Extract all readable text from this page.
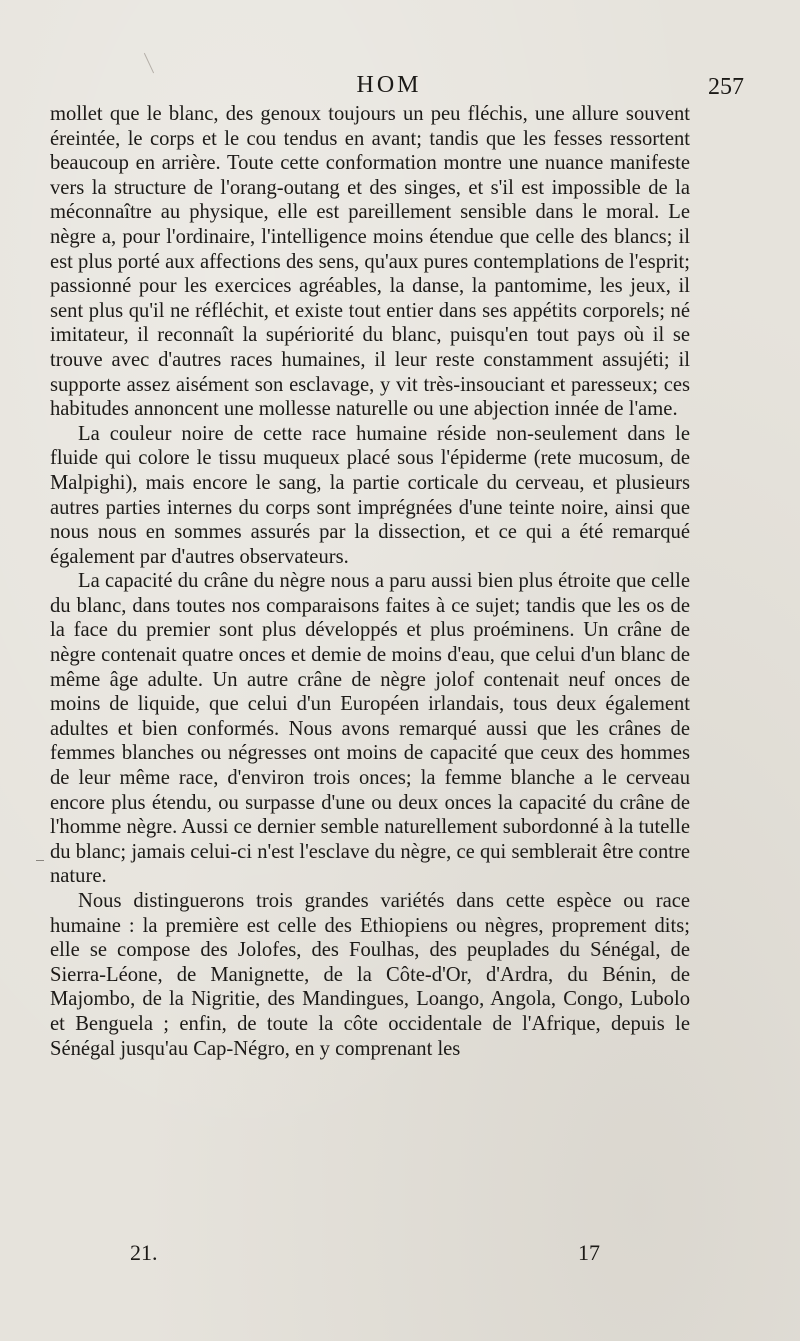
HOM	257

mollet que le blanc, des genoux toujours un peu fléchis, une allure souvent éreintée, le corps et le cou tendus en avant; tandis que les fesses ressortent beaucoup en arrière. Toute cette conformation montre une nuance manifeste vers la structure de l'orang-outang et des singes, et s'il est impossible de la méconnaître au physique, elle est pareillement sensible dans le moral. Le nègre a, pour l'ordinaire, l'intelligence moins étendue que celle des blancs; il est plus porté aux affections des sens, qu'aux pures contemplations de l'esprit; passionné pour les exercices agréables, la danse, la pantomime, les jeux, il sent plus qu'il ne réfléchit, et existe tout entier dans ses appétits corporels; né imitateur, il reconnaît la supériorité du blanc, puisqu'en tout pays où il se trouve avec d'autres races humaines, il leur reste constamment assujéti; il supporte assez aisément son esclavage, y vit très-insouciant et paresseux; ces habitudes annoncent une mollesse naturelle ou une abjection innée de l'ame.

La couleur noire de cette race humaine réside non-seulement dans le fluide qui colore le tissu muqueux placé sous l'épiderme (rete mucosum, de Malpighi), mais encore le sang, la partie corticale du cerveau, et plusieurs autres parties internes du corps sont imprégnées d'une teinte noire, ainsi que nous nous en sommes assurés par la dissection, et ce qui a été remarqué également par d'autres observateurs.

La capacité du crâne du nègre nous a paru aussi bien plus étroite que celle du blanc, dans toutes nos comparaisons faites à ce sujet; tandis que les os de la face du premier sont plus développés et plus proéminens. Un crâne de nègre contenait quatre onces et demie de moins d'eau, que celui d'un blanc de même âge adulte. Un autre crâne de nègre jolof contenait neuf onces de moins de liquide, que celui d'un Européen irlandais, tous deux également adultes et bien conformés. Nous avons remarqué aussi que les crânes de femmes blanches ou négresses ont moins de capacité que ceux des hommes de leur même race, d'environ trois onces; la femme blanche a le cerveau encore plus étendu, ou surpasse d'une ou deux onces la capacité du crâne de l'homme nègre. Aussi ce dernier semble naturellement subordonné à la tutelle du blanc; jamais celui-ci n'est l'esclave du nègre, ce qui semblerait être contre nature.

Nous distinguerons trois grandes variétés dans cette espèce ou race humaine : la première est celle des Ethiopiens ou nègres, proprement dits; elle se compose des Jolofes, des Foulhas, des peuplades du Sénégal, de Sierra-Léone, de Manignette, de la Côte-d'Or, d'Ardra, du Bénin, de Majombo, de la Nigritie, des Mandingues, Loango, Angola, Congo, Lubolo et Benguela ; enfin, de toute la côte occidentale de l'Afrique, depuis le Sénégal jusqu'au Cap-Négro, en y comprenant les

21.	17
